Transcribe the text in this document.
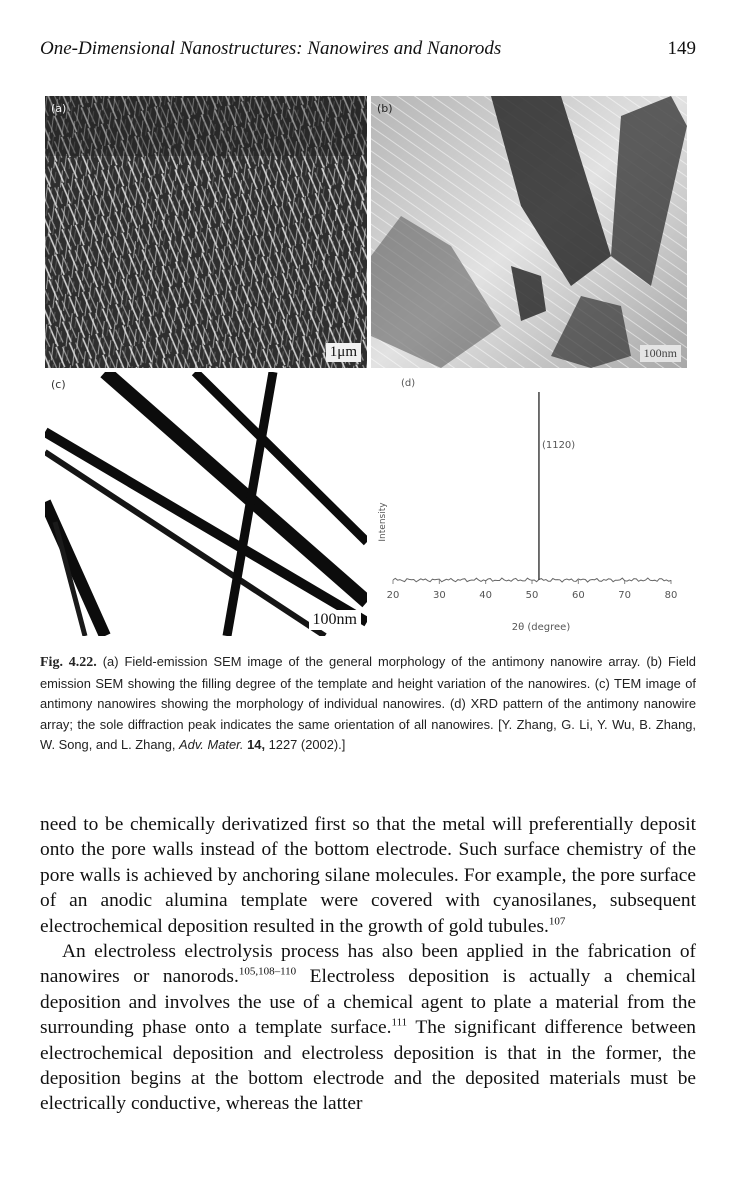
One-Dimensional Nanostructures: Nanowires and Nanorods	149
(a)
1μm
(b)
100nm
(c)
100nm
(d)
20	30	40	50	60	70	80
(1120)
Intensity
2θ (degree)
Fig. 4.22. (a) Field-emission SEM image of the general morphology of the antimony nanowire array. (b) Field emission SEM showing the filling degree of the template and height variation of the nanowires. (c) TEM image of antimony nanowires showing the morphology of individual nanowires. (d) XRD pattern of the antimony nanowire array; the sole diffraction peak indicates the same orientation of all nanowires. [Y. Zhang, G. Li, Y. Wu, B. Zhang, W. Song, and L. Zhang, Adv. Mater. 14, 1227 (2002).]

need to be chemically derivatized first so that the metal will preferentially deposit onto the pore walls instead of the bottom electrode. Such surface chemistry of the pore walls is achieved by anchoring silane molecules. For example, the pore surface of an anodic alumina template were covered with cyanosilanes, subsequent electrochemical deposition resulted in the growth of gold tubules.$^{107}$

An electroless electrolysis process has also been applied in the fabrication of nanowires or nanorods.$^{105,108-110}$ Electroless deposition is actually a chemical deposition and involves the use of a chemical agent to plate a material from the surrounding phase onto a template surface.$^{111}$ The significant difference between electrochemical deposition and electroless deposition is that in the former, the deposition begins at the bottom electrode and the deposited materials must be electrically conductive, whereas the latter
